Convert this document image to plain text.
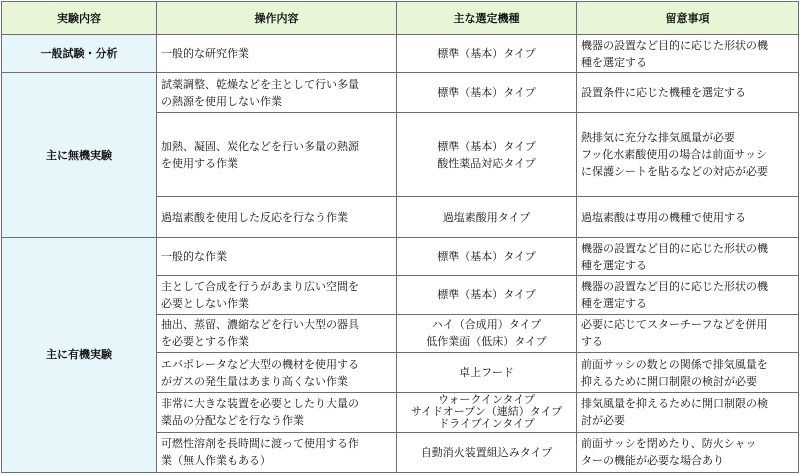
実験内容	操作内容	主な選定機種	留意事項
一般試験・分析	一般的な研究作業	標準（基本）タイプ	機器の設置など目的に応じた形状の機
種を選定する

主に無機実験	試薬調整、乾燥などを主として行い多量
の熱源を使用しない作業	標準（基本）タイプ	設置条件に応じた機種を選定する

	加熱、凝固、炭化などを行い多量の熱源
を使用する作業	標準（基本）タイプ
酸性薬品対応タイプ	熱排気に充分な排気風量が必要
フッ化水素酸使用の場合は前面サッシ
に保護シートを貼るなどの対応が必要

	過塩素酸を使用した反応を行なう作業	過塩素酸用タイプ	過塩素酸は専用の機種で使用する

主に有機実験	一般的な作業	標準（基本）タイプ	機器の設置など目的に応じた形状の機
種を選定する

	主として合成を行うがあまり広い空間を
必要としない作業	標準（基本）タイプ	機器の設置など目的に応じた形状の機
種を選定する

	抽出、蒸留、濃縮などを行い大型の器具
を必要とする作業	ハイ（合成用）タイプ
低作業面（低床）タイプ	必要に応じてスターチーフなどを併用
する

	エバポレータなど大型の機材を使用する
がガスの発生量はあまり高くない作業	卓上フード	前面サッシの数との関係で排気風量を
抑えるために開口制限の検討が必要

	非常に大きな装置を必要としたり大量の
薬品の分配などを行なう作業	ウォークインタイプ
サイドオープン（連結）タイプ
ドライブインタイプ	排気風量を抑えるために開口制限の検
討が必要

	可燃性溶剤を長時間に渡って使用する作
業（無人作業もある）	自動消火装置組込みタイプ	前面サッシを閉めたり、防火シャッ
ターの機能が必要な場合あり
